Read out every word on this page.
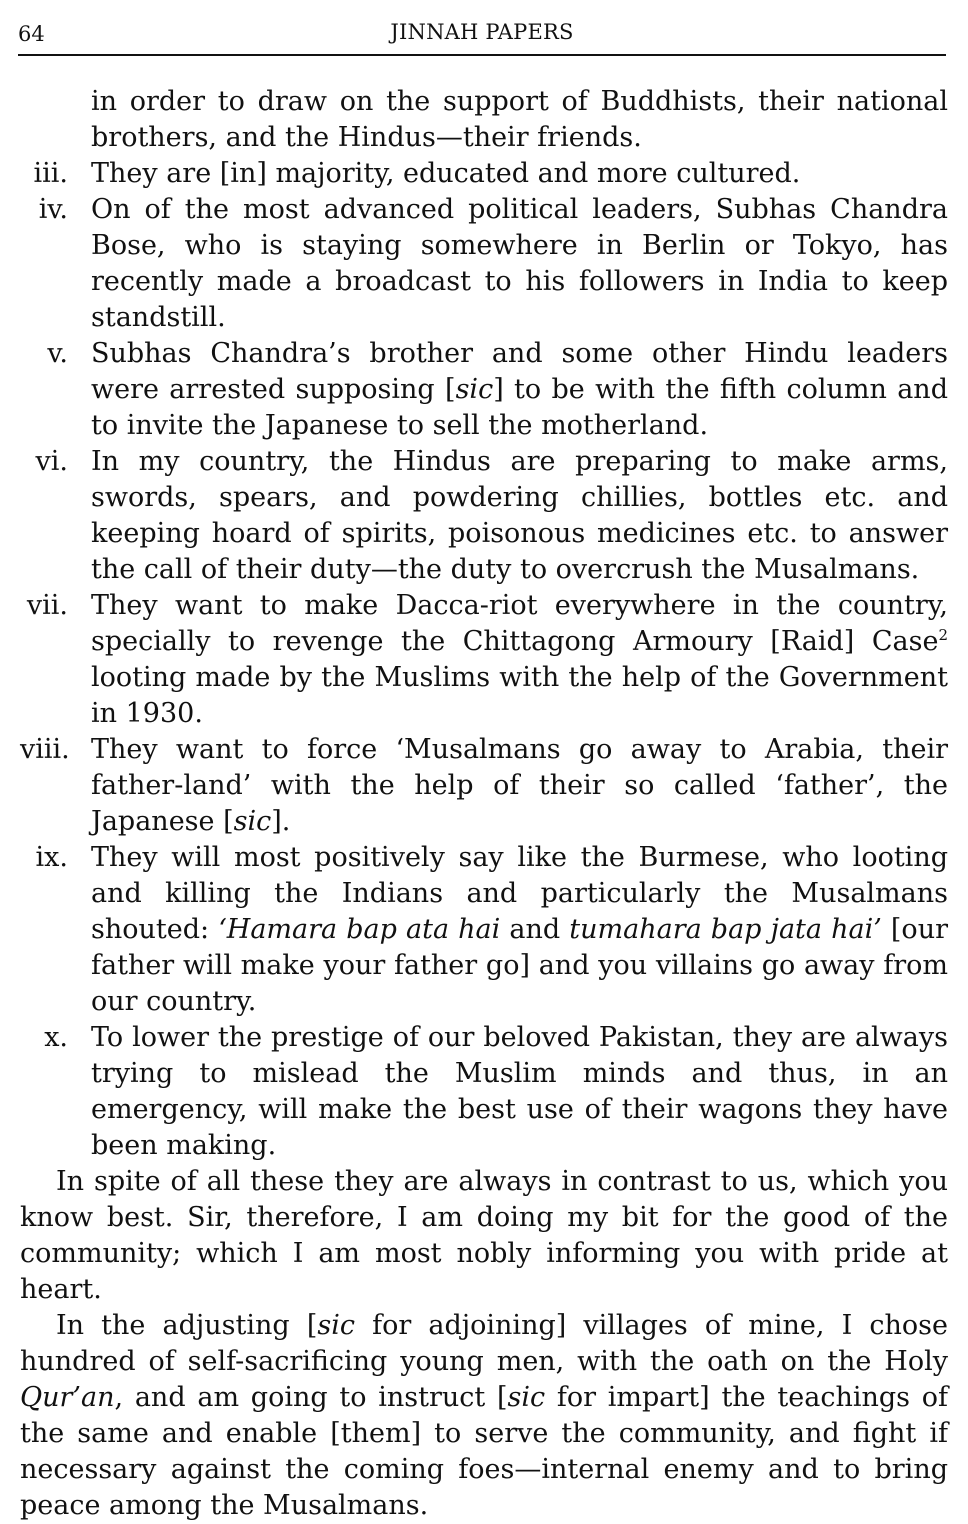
64	JINNAH PAPERS
in order to draw on the support of Buddhists, their national brothers, and the Hindus—their friends.
iii. They are [in] majority, educated and more cultured.
iv. On of the most advanced political leaders, Subhas Chandra Bose, who is staying somewhere in Berlin or Tokyo, has recently made a broadcast to his followers in India to keep standstill.
v. Subhas Chandra’s brother and some other Hindu leaders were arrested supposing [sic] to be with the fifth column and to invite the Japanese to sell the motherland.
vi. In my country, the Hindus are preparing to make arms, swords, spears, and powdering chillies, bottles etc. and keeping hoard of spirits, poisonous medicines etc. to answer the call of their duty—the duty to overcrush the Musalmans.
vii. They want to make Dacca-riot everywhere in the country, specially to revenge the Chittagong Armoury [Raid] Case$^2$ looting made by the Muslims with the help of the Government in 1930.
viii. They want to force ‘Musalmans go away to Arabia, their father-land’ with the help of their so called ‘father’, the Japanese [sic].
ix. They will most positively say like the Burmese, who looting and killing the Indians and particularly the Musalmans shouted: ‘Hamara bap ata hai and tumahara bap jata hai’ [our father will make your father go] and you villains go away from our country.
x. To lower the prestige of our beloved Pakistan, they are always trying to mislead the Muslim minds and thus, in an emergency, will make the best use of their wagons they have been making.
In spite of all these they are always in contrast to us, which you know best. Sir, therefore, I am doing my bit for the good of the community; which I am most nobly informing you with pride at heart.
In the adjusting [sic for adjoining] villages of mine, I chose hundred of self-sacrificing young men, with the oath on the Holy Qur’an, and am going to instruct [sic for impart] the teachings of the same and enable [them] to serve the community, and fight if necessary against the coming foes—internal enemy and to bring peace among the Musalmans.
